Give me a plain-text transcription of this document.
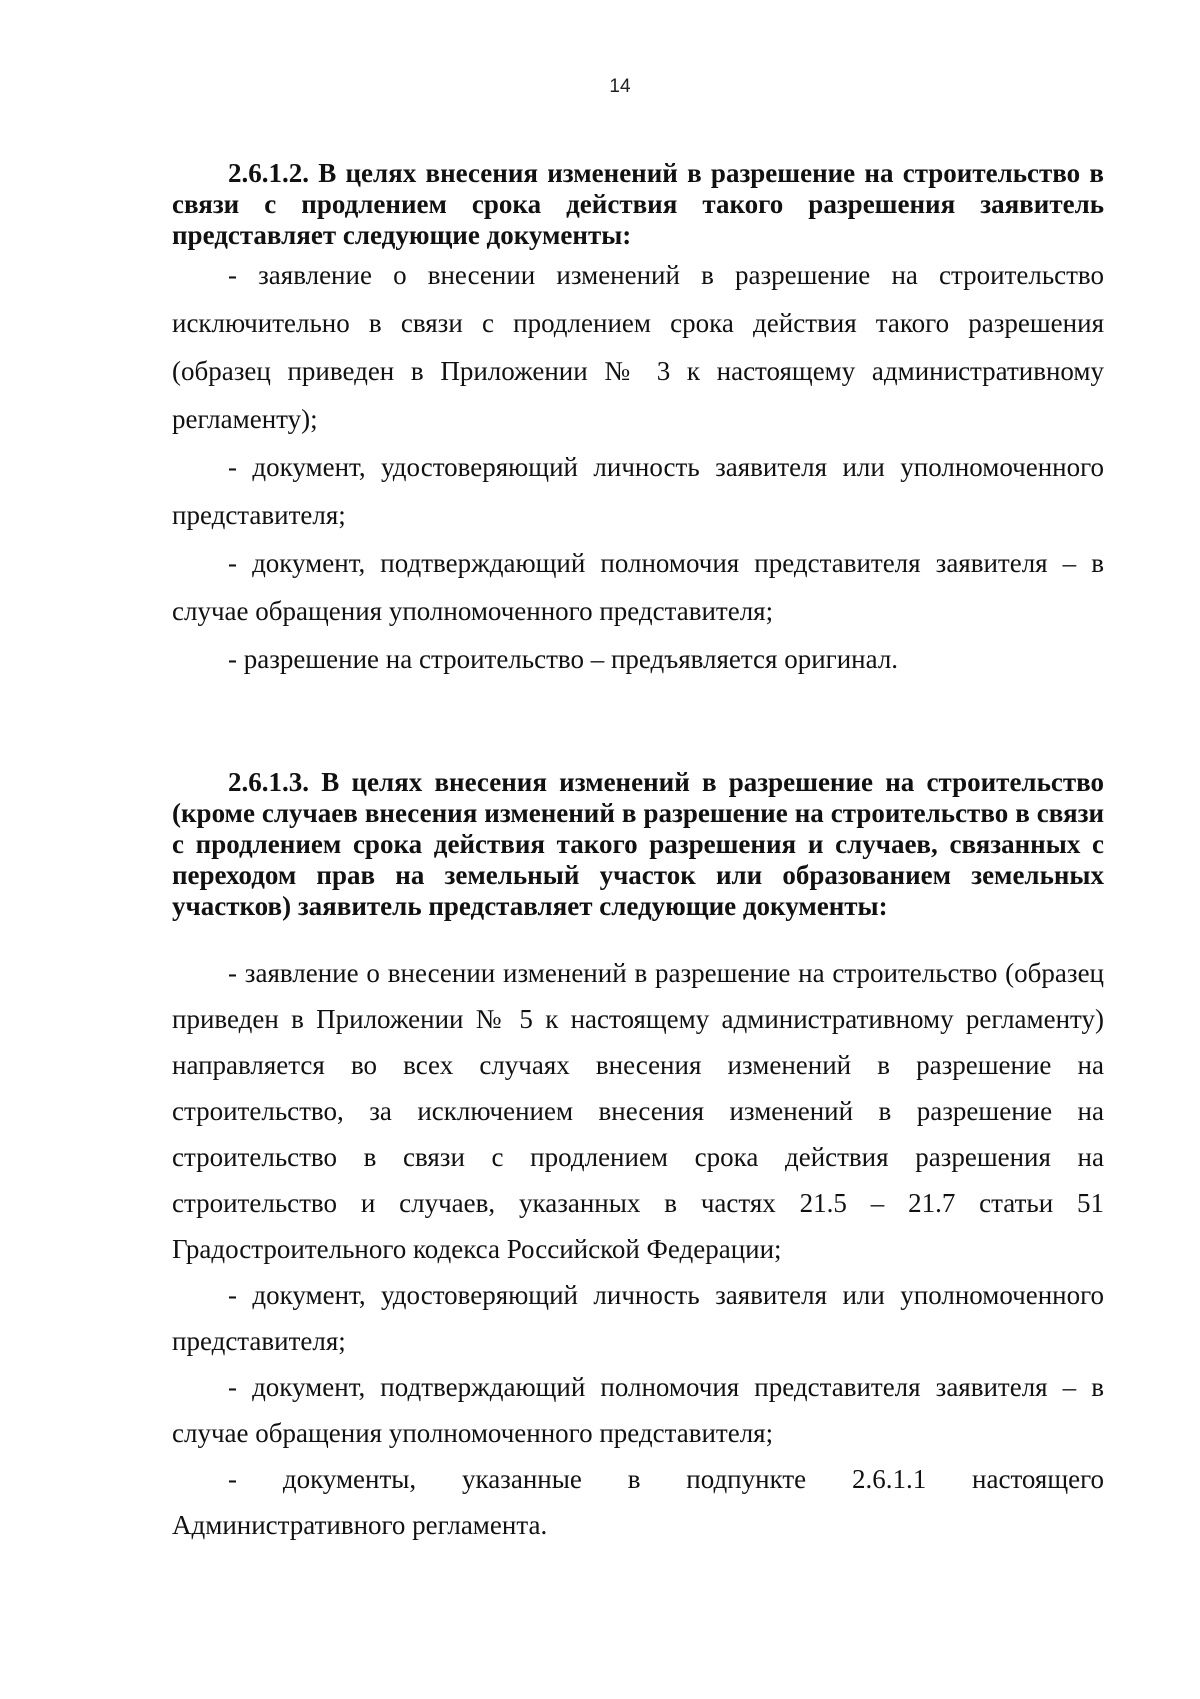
14

2.6.1.2. В целях внесения изменений в разрешение на строительство в связи с продлением срока действия такого разрешения заявитель представляет следующие документы:

- заявление о внесении изменений в разрешение на строительство исключительно в связи с продлением срока действия такого разрешения (образец приведен в Приложении № 3 к настоящему административному регламенту);

- документ, удостоверяющий личность заявителя или уполномоченного представителя;

- документ, подтверждающий полномочия представителя заявителя – в случае обращения уполномоченного представителя;

- разрешение на строительство – предъявляется оригинал.

2.6.1.3. В целях внесения изменений в разрешение на строительство (кроме случаев внесения изменений в разрешение на строительство в связи с продлением срока действия такого разрешения и случаев, связанных с переходом прав на земельный участок или образованием земельных участков) заявитель представляет следующие документы:

- заявление о внесении изменений в разрешение на строительство (образец приведен в Приложении № 5 к настоящему административному регламенту) направляется во всех случаях внесения изменений в разрешение на строительство, за исключением внесения изменений в разрешение на строительство в связи с продлением срока действия разрешения на строительство и случаев, указанных в частях 21.5 – 21.7 статьи 51 Градостроительного кодекса Российской Федерации;

- документ, удостоверяющий личность заявителя или уполномоченного представителя;

- документ, подтверждающий полномочия представителя заявителя – в случае обращения уполномоченного представителя;

- документы, указанные в подпункте 2.6.1.1 настоящего Административного регламента.
